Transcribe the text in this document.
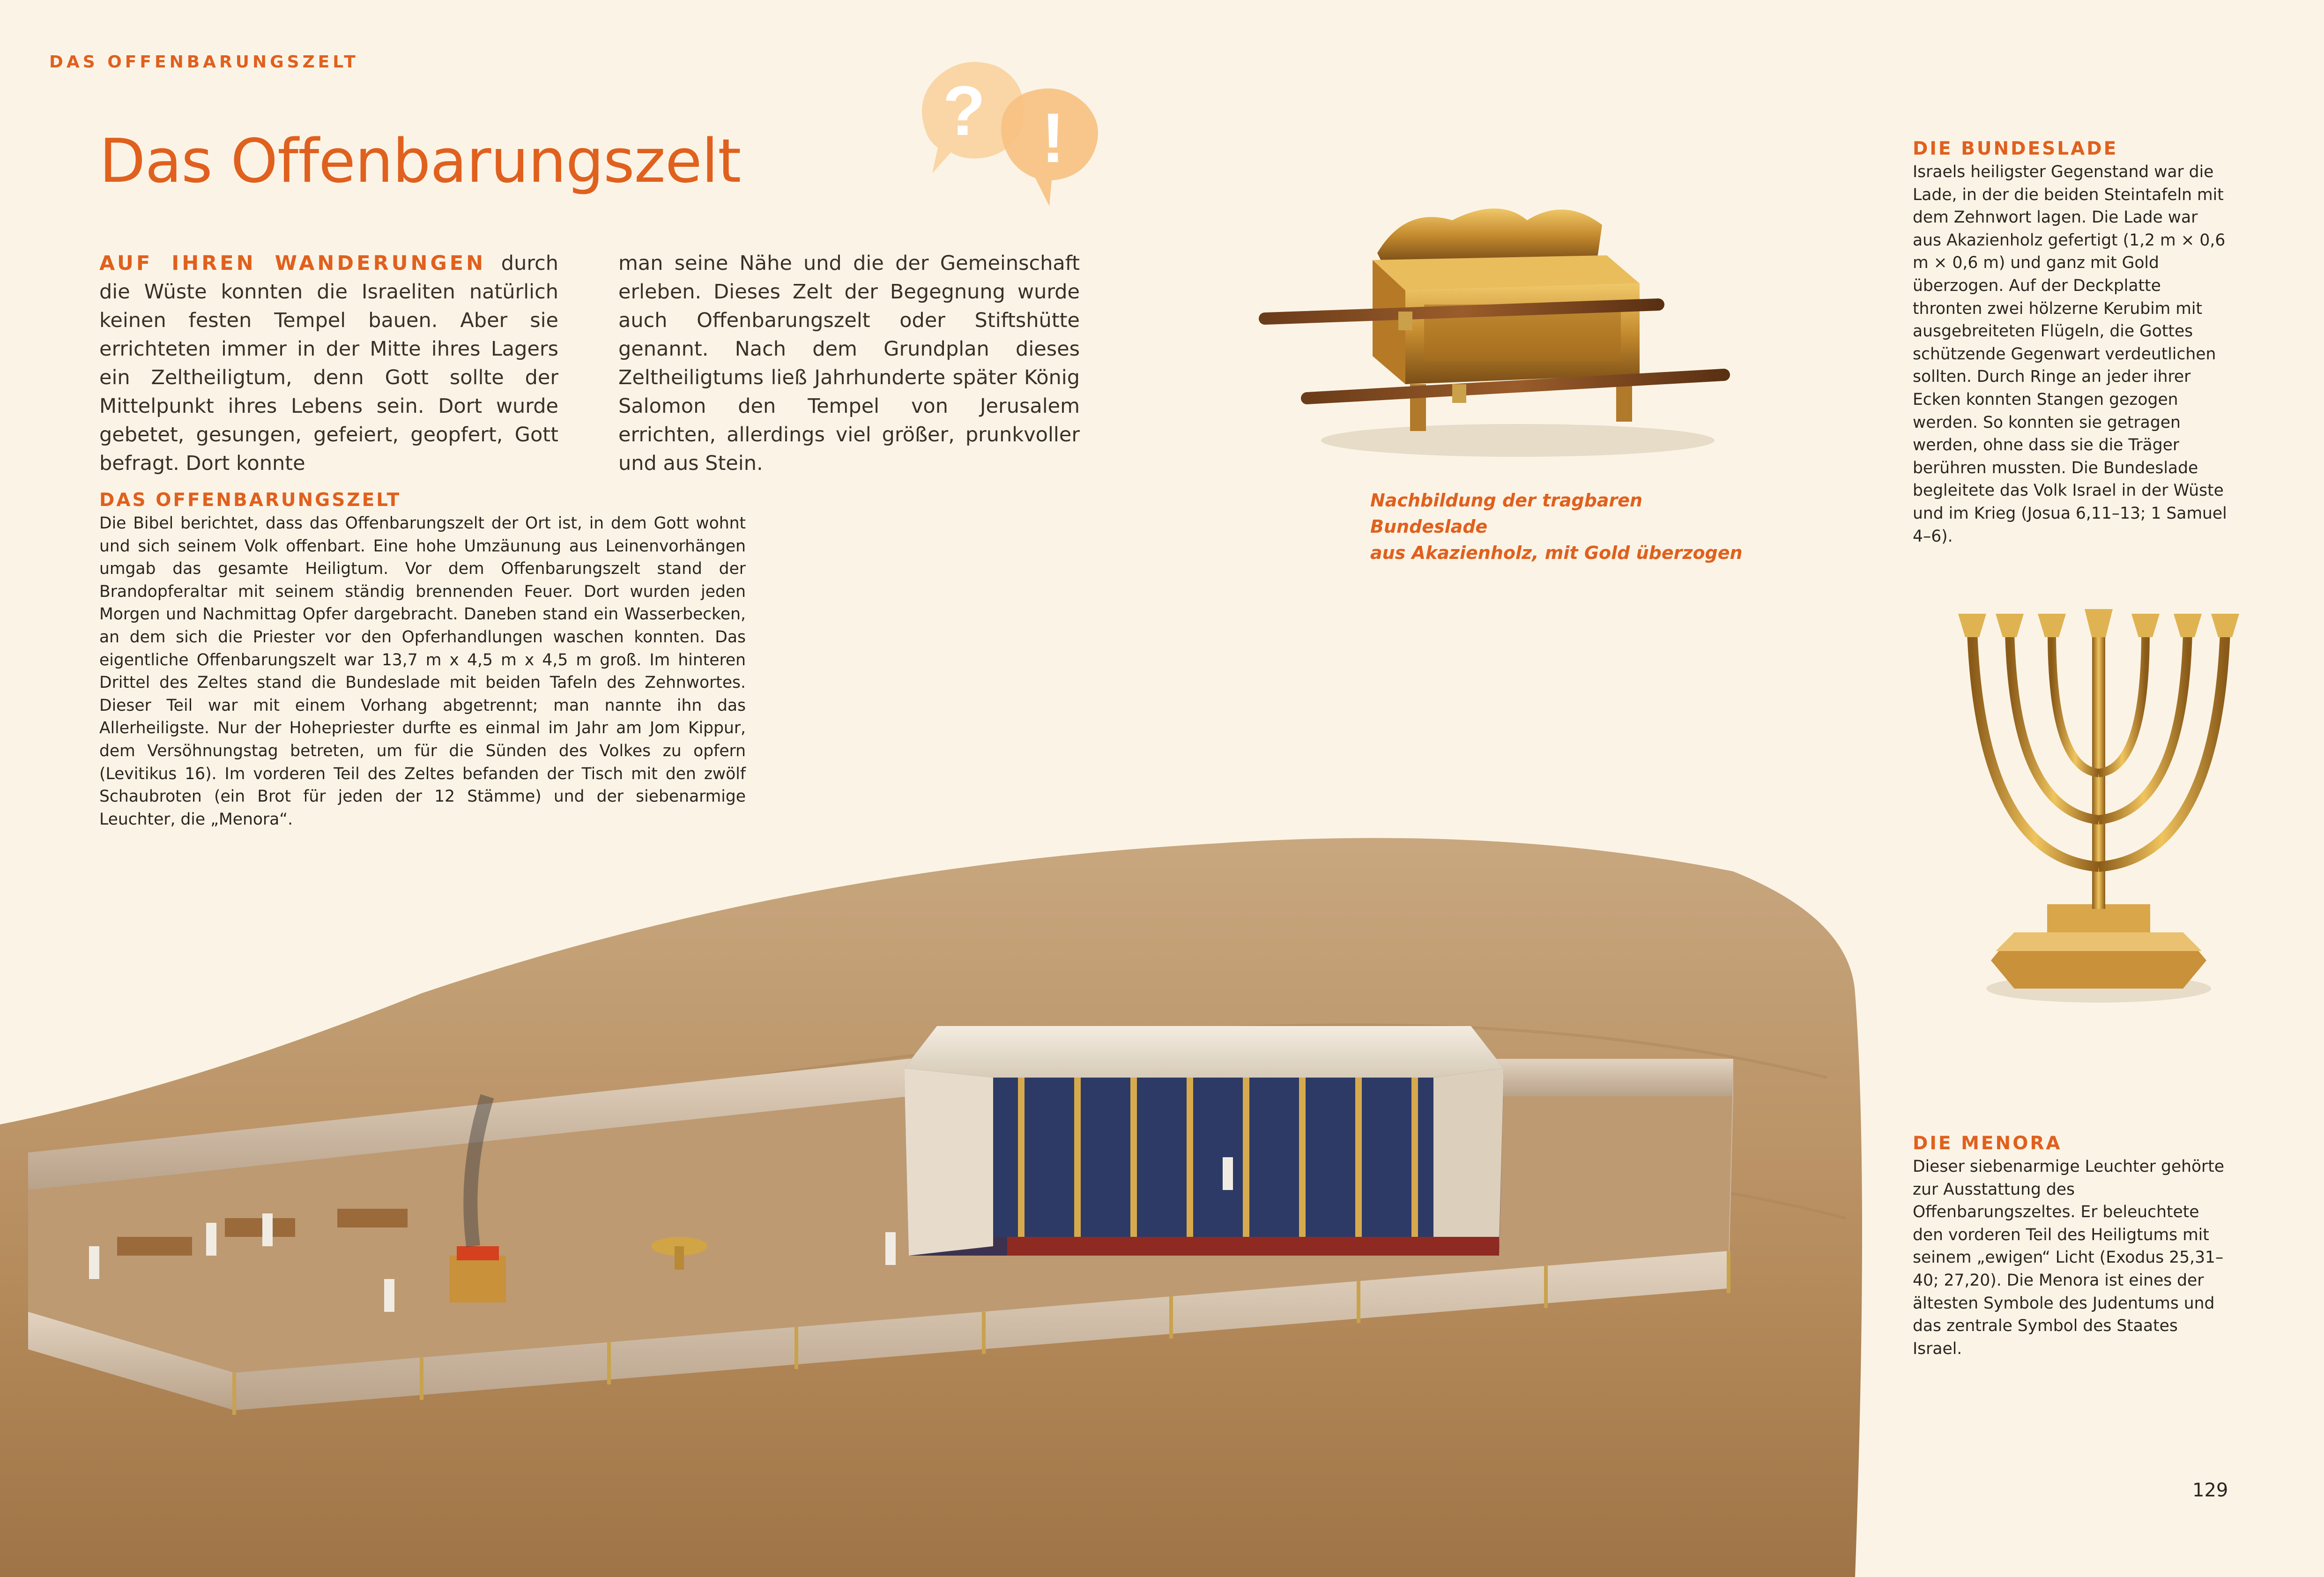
DAS OFFENBARUNGSZELT
Das Offenbarungszelt
? !
AUF IHREN WANDERUNGEN durch die Wüste konnten die Israeliten natürlich keinen festen Tempel bauen. Aber sie errichteten immer in der Mitte ihres Lagers ein Zeltheiligtum, denn Gott sollte der Mittelpunkt ihres Lebens sein. Dort wurde gebetet, gesungen, gefeiert, geopfert, Gott befragt. Dort konnte
man seine Nähe und die der Gemeinschaft erleben. Dieses Zelt der Begegnung wurde auch Offenbarungszelt oder Stiftshütte genannt. Nach dem Grundplan dieses Zeltheiligtums ließ Jahrhunderte später König Salomon den Tempel von Jerusalem errichten, allerdings viel größer, prunkvoller und aus Stein.
DAS OFFENBARUNGSZELT
Die Bibel berichtet, dass das Offenbarungszelt der Ort ist, in dem Gott wohnt und sich seinem Volk offenbart. Eine hohe Umzäunung aus Leinenvorhängen umgab das gesamte Heiligtum. Vor dem Offenbarungszelt stand der Brandopferaltar mit seinem ständig brennenden Feuer. Dort wurden jeden Morgen und Nachmittag Opfer dargebracht. Daneben stand ein Wasserbecken, an dem sich die Priester vor den Opferhandlungen waschen konnten. Das eigentliche Offenbarungszelt war 13,7 m x 4,5 m x 4,5 m groß. Im hinteren Drittel des Zeltes stand die Bundeslade mit beiden Tafeln des Zehnwortes. Dieser Teil war mit einem Vorhang abgetrennt; man nannte ihn das Allerheiligste. Nur der Hohepriester durfte es einmal im Jahr am Jom Kippur, dem Versöhnungstag betreten, um für die Sünden des Volkes zu opfern (Levitikus 16). Im vorderen Teil des Zeltes befanden der Tisch mit den zwölf Schaubroten (ein Brot für jeden der 12 Stämme) und der siebenarmige Leuchter, die „Menora“.
Nachbildung der tragbaren Bundeslade
aus Akazienholz, mit Gold überzogen
DIE BUNDESLADE
Israels heiligster Gegenstand war die Lade, in der die beiden Steintafeln mit dem Zehnwort lagen. Die Lade war aus Akazienholz gefertigt (1,2 m × 0,6 m × 0,6 m) und ganz mit Gold überzogen. Auf der Deckplatte thronten zwei hölzerne Kerubim mit ausgebreiteten Flügeln, die Gottes schützende Gegenwart verdeutlichen sollten. Durch Ringe an jeder ihrer Ecken konnten Stangen gezogen werden. So konnten sie getragen werden, ohne dass sie die Träger berühren mussten. Die Bundeslade begleitete das Volk Israel in der Wüste und im Krieg (Josua 6,11–13; 1 Samuel 4–6).
DIE MENORA
Dieser siebenarmige Leuchter gehörte zur Ausstattung des Offenbarungszeltes. Er beleuchtete den vorderen Teil des Heiligtums mit seinem „ewigen“ Licht (Exodus 25,31–40; 27,20). Die Menora ist eines der ältesten Symbole des Judentums und das zentrale Symbol des Staates Israel.
129
